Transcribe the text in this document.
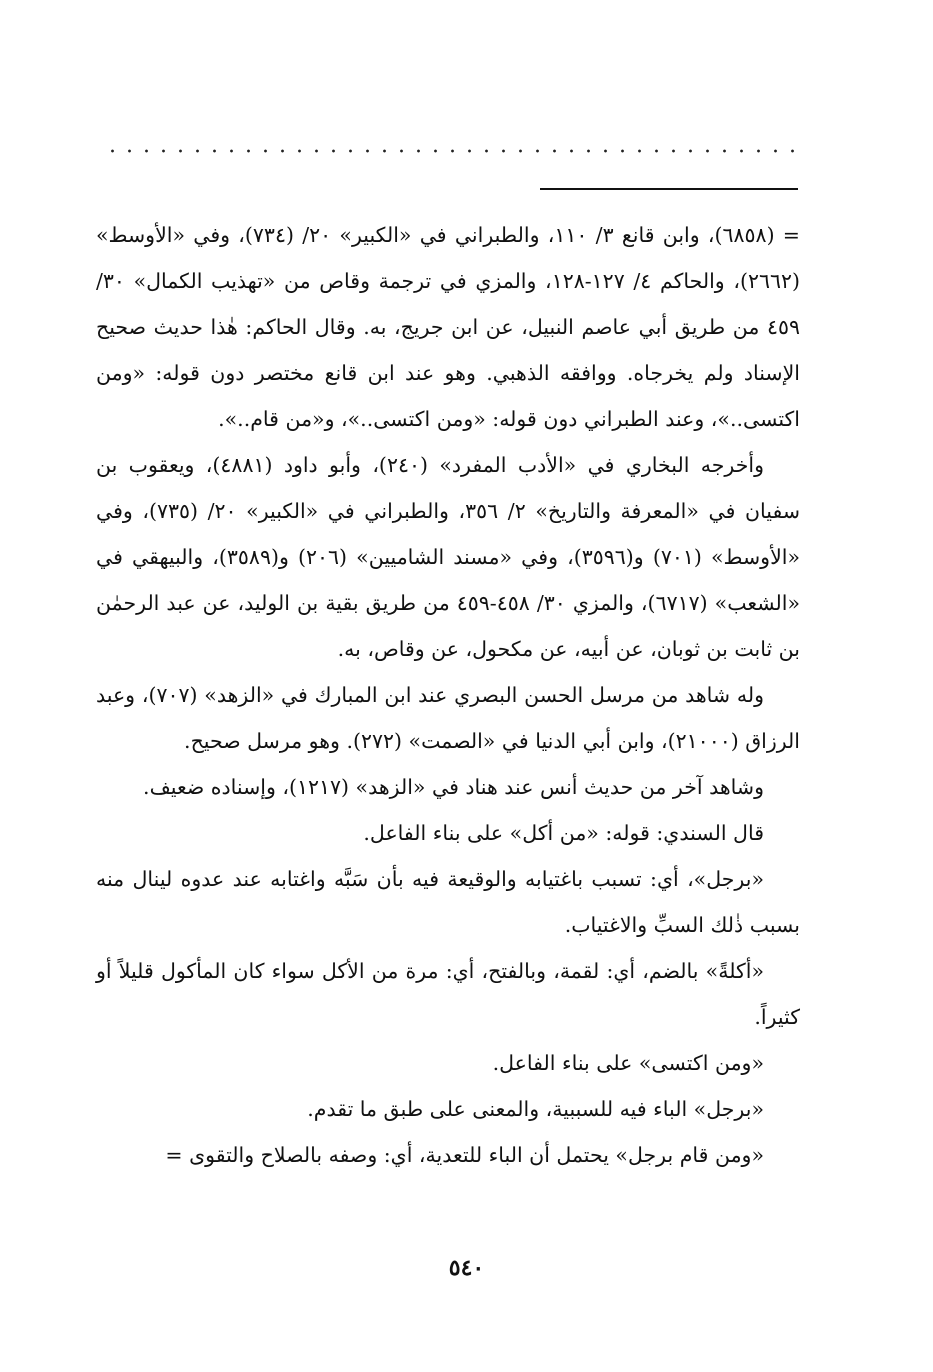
= (٦٨٥٨)، وابن قانع ٣/ ١١٠، والطبراني في «الكبير» ٢٠/ (٧٣٤)، وفي «الأوسط» (٢٦٦٢)، والحاكم ٤/ ١٢٧-١٢٨، والمزي في ترجمة وقاص من «تهذيب الكمال» ٣٠/ ٤٥٩ من طريق أبي عاصم النبيل، عن ابن جريج، به. وقال الحاكم: هٰذا حديث صحيح الإسناد ولم يخرجاه. ووافقه الذهبي. وهو عند ابن قانع مختصر دون قوله: «ومن اكتسى..»، وعند الطبراني دون قوله: «ومن اكتسى..»، و«من قام..».

وأخرجه البخاري في «الأدب المفرد» (٢٤٠)، وأبو داود (٤٨٨١)، ويعقوب بن سفيان في «المعرفة والتاريخ» ٢/ ٣٥٦، والطبراني في «الكبير» ٢٠/ (٧٣٥)، وفي «الأوسط» (٧٠١) و(٣٥٩٦)، وفي «مسند الشاميين» (٢٠٦) و(٣٥٨٩)، والبيهقي في «الشعب» (٦٧١٧)، والمزي ٣٠/ ٤٥٨-٤٥٩ من طريق بقية بن الوليد، عن عبد الرحمٰن بن ثابت بن ثوبان، عن أبيه، عن مكحول، عن وقاص، به.

وله شاهد من مرسل الحسن البصري عند ابن المبارك في «الزهد» (٧٠٧)، وعبد الرزاق (٢١٠٠٠)، وابن أبي الدنيا في «الصمت» (٢٧٢). وهو مرسل صحيح.

وشاهد آخر من حديث أنس عند هناد في «الزهد» (١٢١٧)، وإسناده ضعيف.

قال السندي: قوله: «من أكل» على بناء الفاعل.

«برجل»، أي: تسبب باغتيابه والوقيعة فيه بأن سَبَّه واغتابه عند عدوه لينال منه بسبب ذٰلك السبِّ والاغتياب.

«أكلةً» بالضم، أي: لقمة، وبالفتح، أي: مرة من الأكل سواء كان المأكول قليلاً أو كثيراً.

«ومن اكتسى» على بناء الفاعل.

«برجل» الباء فيه للسببية، والمعنى على طبق ما تقدم.

«ومن قام برجل» يحتمل أن الباء للتعدية، أي: وصفه بالصلاح والتقوى =

٥٤٠
